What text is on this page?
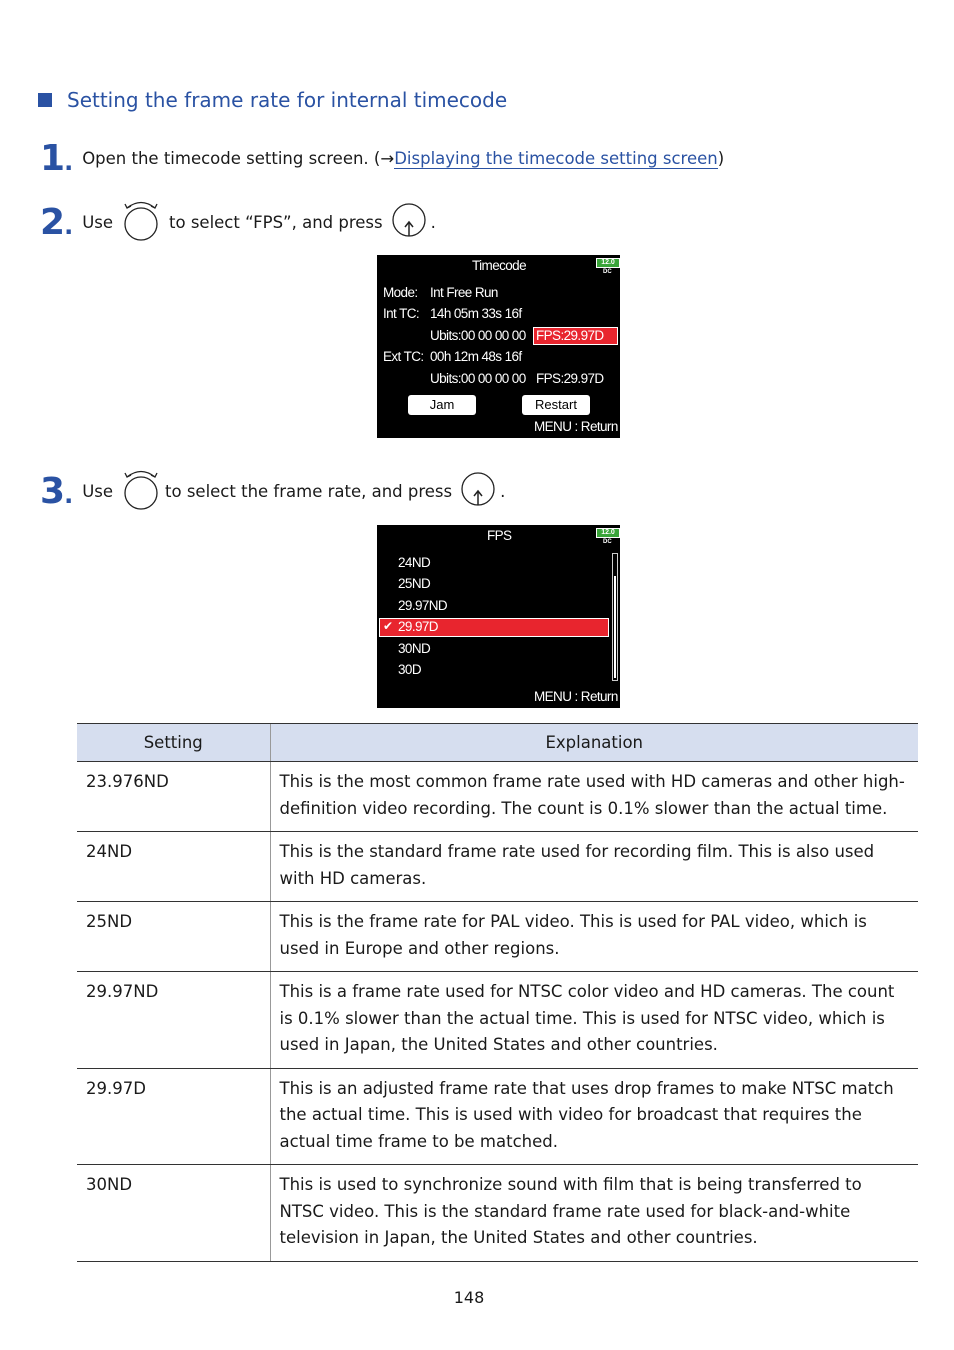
Setting the frame rate for internal timecode
1. Open the timecode setting screen. (→ Displaying the timecode setting screen )
2. Use	to select “FPS”, and press	.
Timecode	12.0
DC
Mode: Int Free Run
Int TC: 14h 05m 33s 16f
Ubits:00 00 00 00 FPS:29.97D
Ext TC: 00h 12m 48s 16f
Ubits:00 00 00 00 FPS:29.97D
Jam	Restart
MENU : Return
3. Use	to select the frame rate, and press	.
FPS	12.0
DC
24ND
25ND
29.97ND
✔ 29.97D
30ND
30D
MENU : Return
Setting	Explanation
23.976ND	This is the most common frame rate used with HD cameras and other high-definition video recording. The count is 0.1% slower than the actual time.
24ND	This is the standard frame rate used for recording film. This is also used with HD cameras.
25ND	This is the frame rate for PAL video. This is used for PAL video, which is used in Europe and other regions.
29.97ND	This is a frame rate used for NTSC color video and HD cameras. The count is 0.1% slower than the actual time. This is used for NTSC video, which is used in Japan, the United States and other countries.
29.97D	This is an adjusted frame rate that uses drop frames to make NTSC match the actual time. This is used with video for broadcast that requires the actual time frame to be matched.
30ND	This is used to synchronize sound with film that is being transferred to NTSC video. This is the standard frame rate used for black-and-white television in Japan, the United States and other countries.
148
